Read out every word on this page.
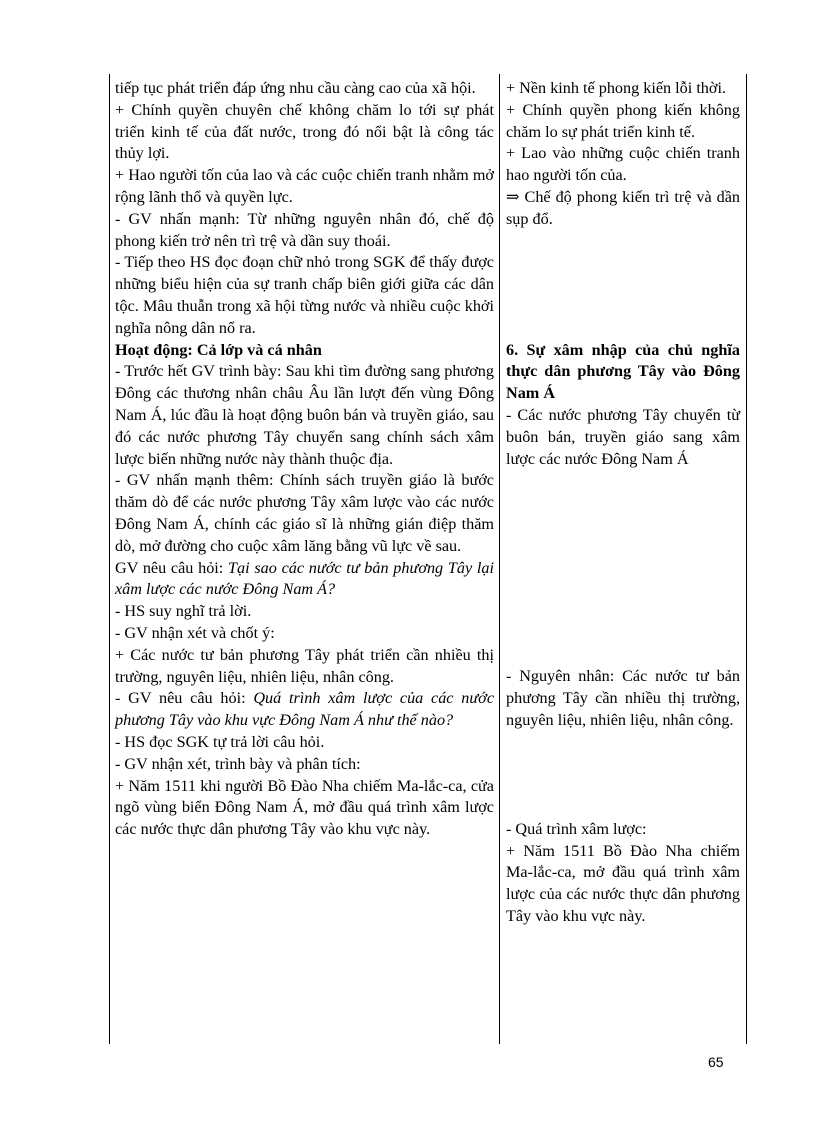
tiếp tục phát triển đáp ứng nhu cầu càng cao của xã hội.

+ Chính quyền chuyên chế không chăm lo tới sự phát triển kinh tế của đất nước, trong đó nổi bật là công tác thủy lợi.

+ Hao người tốn của lao và các cuộc chiến tranh nhằm mở rộng lãnh thổ và quyền lực.

- GV nhấn mạnh: Từ những nguyên nhân đó, chế độ phong kiến trở nên trì trệ và dần suy thoái.

- Tiếp theo HS đọc đoạn chữ nhỏ trong SGK để thấy được những biểu hiện của sự tranh chấp biên giới giữa các dân tộc. Mâu thuẫn trong xã hội từng nước và nhiều cuộc khởi nghĩa nông dân nổ ra.

Hoạt động: Cả lớp và cá nhân

- Trước hết GV trình bày: Sau khi tìm đường sang phương Đông các thương nhân châu Âu lần lượt đến vùng Đông Nam Á, lúc đầu là hoạt động buôn bán và truyền giáo, sau đó các nước phương Tây chuyển sang chính sách xâm lược biến những nước này thành thuộc địa.

- GV nhấn mạnh thêm: Chính sách truyền giáo là bước thăm dò để các nước phương Tây xâm lược vào các nước Đông Nam Á, chính các giáo sĩ là những gián điệp thăm dò, mở đường cho cuộc xâm lăng bằng vũ lực về sau.

GV nêu câu hỏi: Tại sao các nước tư bản phương Tây lại xâm lược các nước Đông Nam Á?

- HS suy nghĩ trả lời.

- GV nhận xét và chốt ý:

+ Các nước tư bản phương Tây phát triển cần nhiều thị trường, nguyên liệu, nhiên liệu, nhân công.

- GV nêu câu hỏi: Quá trình xâm lược của các nước phương Tây vào khu vực Đông Nam Á như thế nào?

- HS đọc SGK tự trả lời câu hỏi.

- GV nhận xét, trình bày và phân tích:

+ Năm 1511 khi người Bồ Đào Nha chiếm Ma-lắc-ca, cửa ngõ vùng biển Đông Nam Á, mở đầu quá trình xâm lược các nước thực dân phương Tây vào khu vực này.

+ Nền kinh tế phong kiến lỗi thời.

+ Chính quyền phong kiến không chăm lo sự phát triển kinh tế.

+ Lao vào những cuộc chiến tranh hao người tốn của.

⇒ Chế độ phong kiến trì trệ và dần sụp đổ.

6. Sự xâm nhập của chủ nghĩa thực dân phương Tây vào Đông Nam Á

- Các nước phương Tây chuyển từ buôn bán, truyền giáo sang xâm lược các nước Đông Nam Á

- Nguyên nhân: Các nước tư bản phương Tây cần nhiều thị trường, nguyên liệu, nhiên liệu, nhân công.

- Quá trình xâm lược:

+ Năm 1511 Bồ Đào Nha chiếm Ma-lắc-ca, mở đầu quá trình xâm lược của các nước thực dân phương Tây vào khu vực này.

65
